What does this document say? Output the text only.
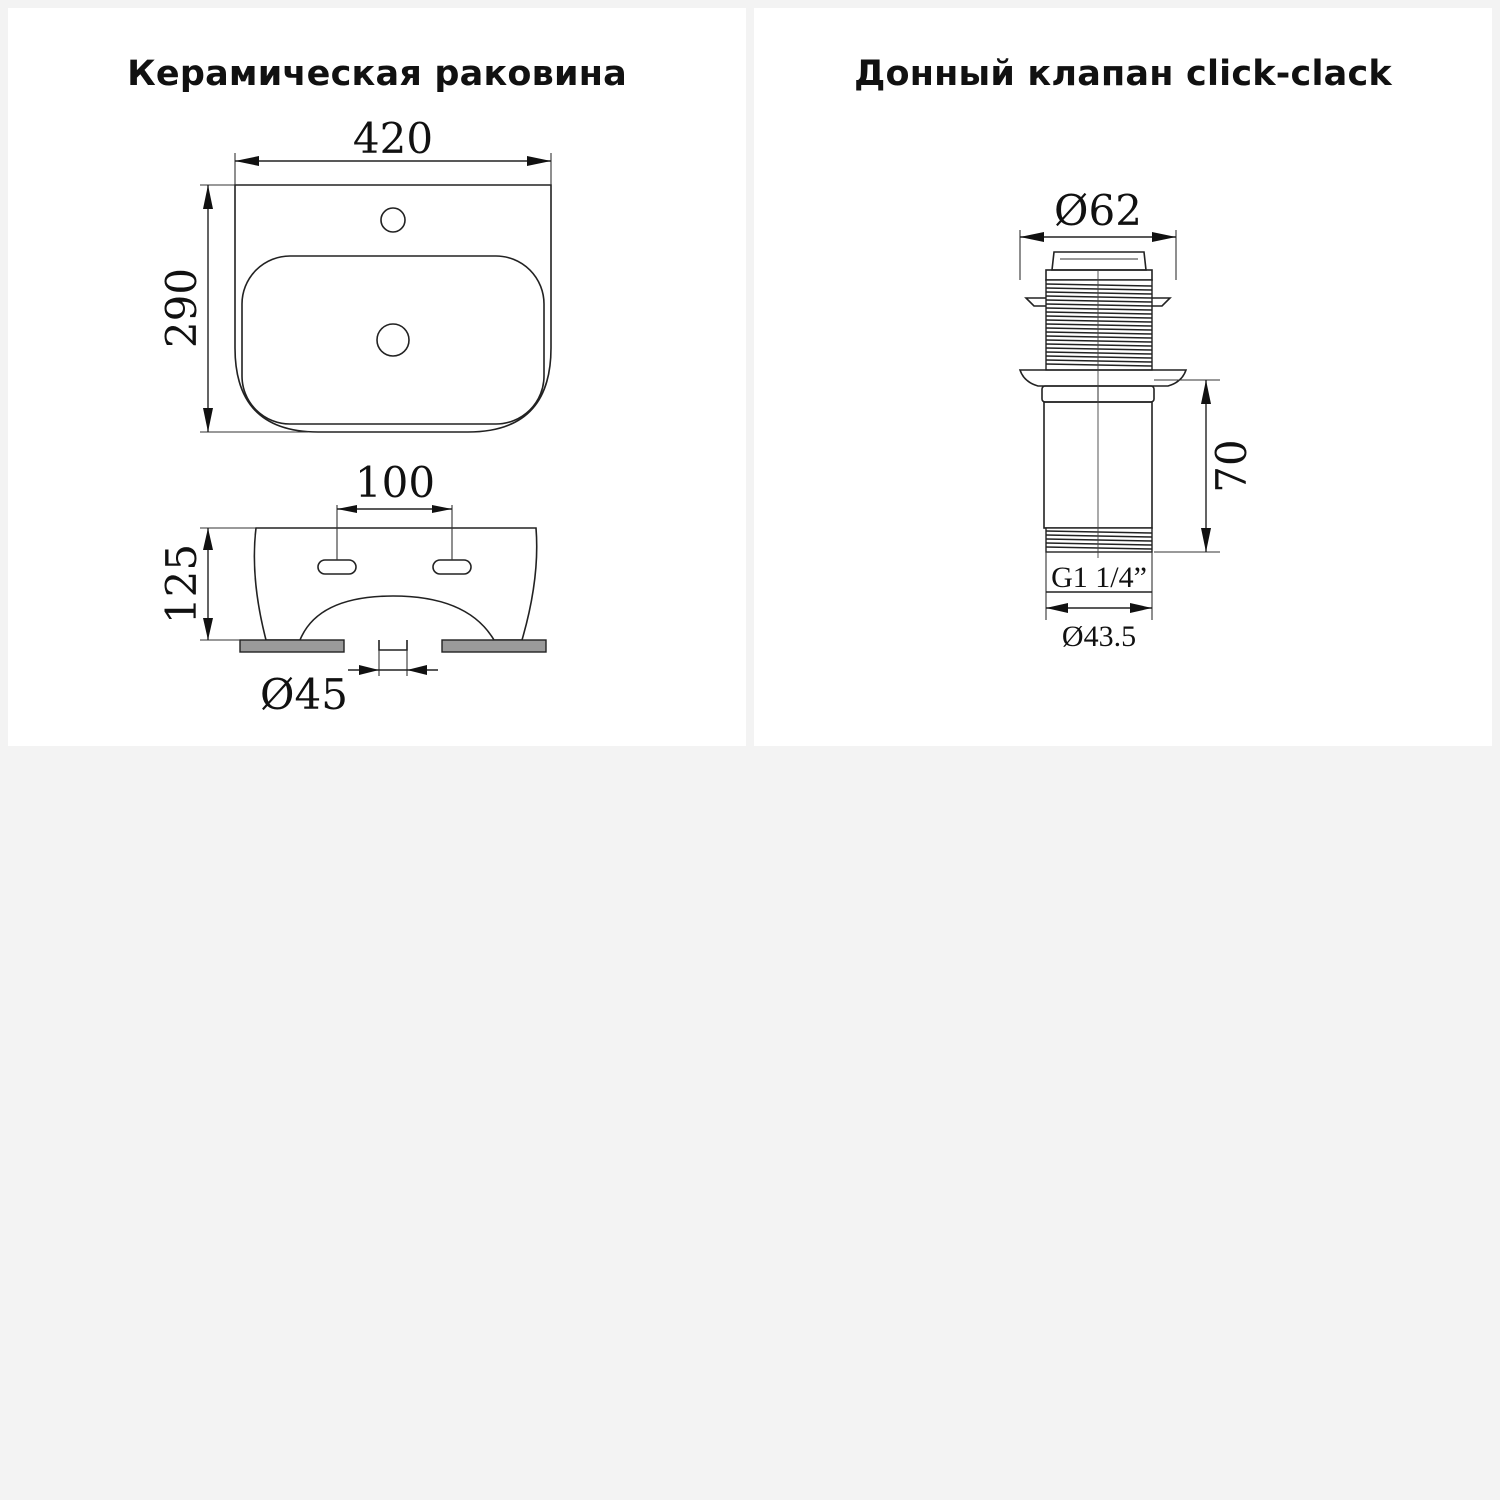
Керамическая раковина
420
290
100
125
Ø45
Донный клапан click-clack
Ø62
70
G1 1/4”
Ø43.5
